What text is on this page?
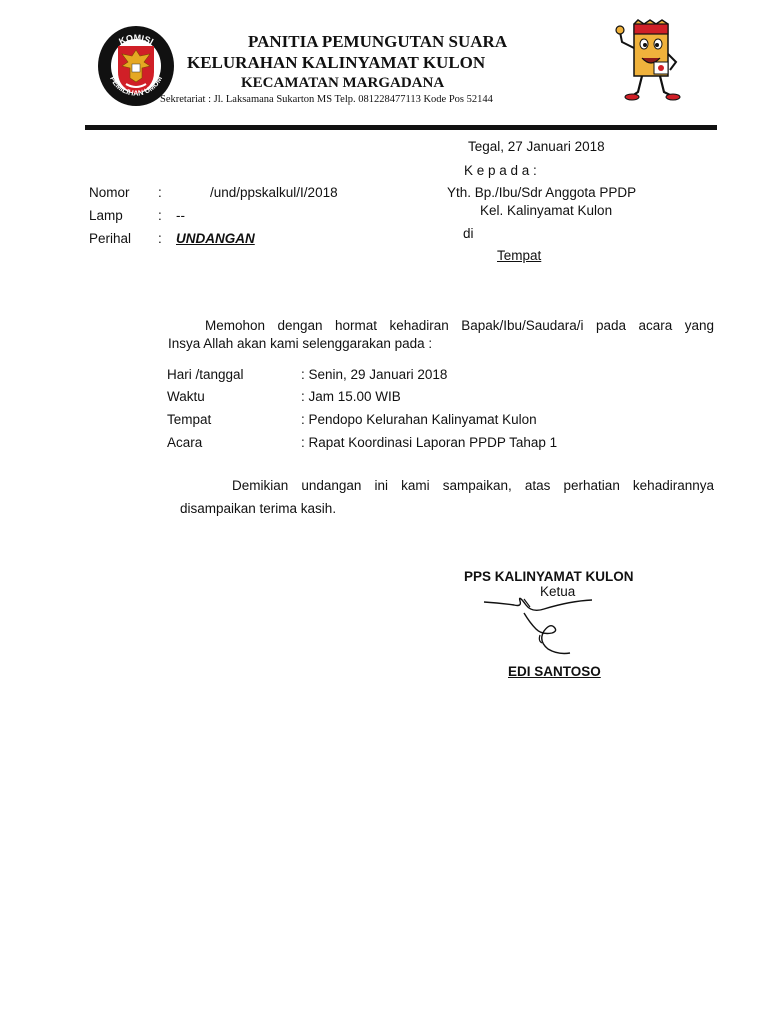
KOMISI
PEMILIHAN UMUM
PANITIA PEMUNGUTAN SUARA
KELURAHAN KALINYAMAT KULON
KECAMATAN MARGADANA
Sekretariat : Jl. Laksamana Sukarton MS Telp. 081228477113 Kode Pos 52144
Tegal, 27 Januari 2018
K e p a d a :
Yth. Bp./Ibu/Sdr Anggota PPDP
Kel. Kalinyamat Kulon
di
Tempat
Nomor :	/und/ppskalkul/I/2018
Lamp	: --
Perihal : UNDANGAN
Memohon dengan hormat kehadiran Bapak/Ibu/Saudara/i pada acara yang
Insya Allah akan kami selenggarakan pada :
Hari /tanggal	: Senin, 29 Januari 2018
Waktu	: Jam 15.00 WIB
Tempat	: Pendopo Kelurahan Kalinyamat Kulon
Acara	: Rapat Koordinasi Laporan PPDP Tahap 1
Demikian undangan ini kami sampaikan, atas perhatian kehadirannya
disampaikan terima kasih.
PPS KALINYAMAT KULON
Ketua
EDI SANTOSO
